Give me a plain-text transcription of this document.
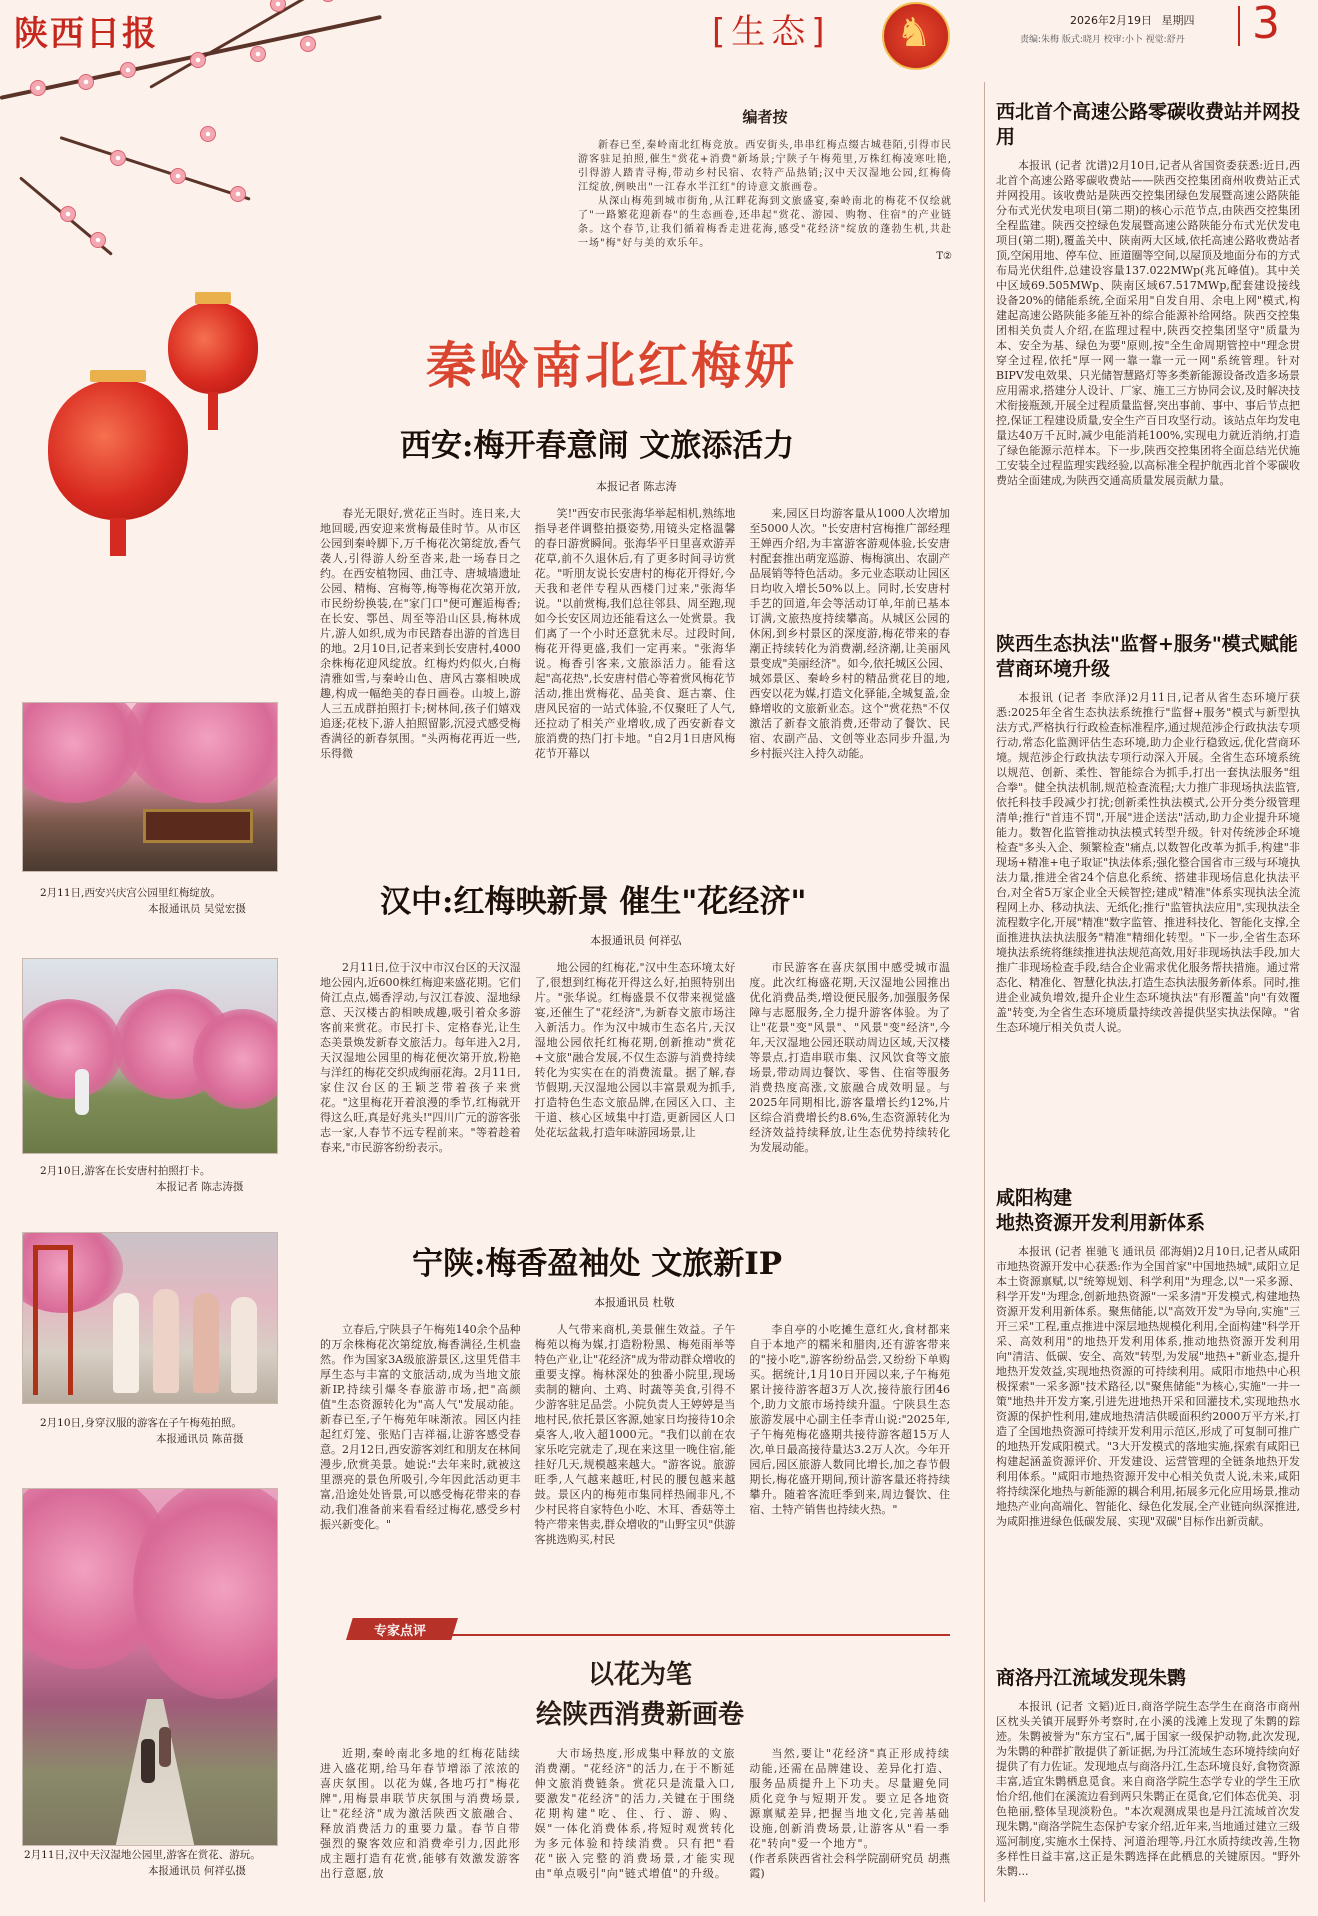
陕西日报	[生态] ♞	2026年2月19日 星期四
责编:朱梅 版式:晓月 校审:小卜 视觉:舒丹 3
编者按

新春已至,秦岭南北红梅竞放。西安街头,串串红梅点缀古城巷陌,引得市民游客驻足拍照,催生"赏花+消费"新场景;宁陕子午梅苑里,万株红梅凌寒吐艳,引得游人踏青寻梅,带动乡村民宿、农特产品热销;汉中天汉湿地公园,红梅倚江绽放,例映出"一江春水半江红"的诗意文旅画卷。

从深山梅苑到城市街角,从江畔花海到文旅盛宴,秦岭南北的梅花不仅绘就了"一路繁花迎新春"的生态画卷,还串起"赏花、游园、购物、住宿"的产业链条。这个春节,让我们循着梅香走进花海,感受"花经济"绽放的蓬勃生机,共赴一场"梅"好与美的欢乐年。

T②
秦岭南北红梅妍
西安:梅开春意闹 文旅添活力
本报记者 陈志涛

春光无限好,赏花正当时。连日来,大地回暖,西安迎来赏梅最佳时节。从市区公园到秦岭脚下,万千梅花次第绽放,香气袭人,引得游人纷至沓来,赴一场春日之约。在西安植物园、曲江寺、唐城墙遗址公园、精梅、宫梅等,梅等梅花次第开放,市民纷纷换装,在"家门口"便可邂逅梅香;在长安、鄠邑、周至等沿山区县,梅林成片,游人如织,成为市民踏春出游的首选目的地。2月10日,记者来到长安唐村,4000余株梅花迎风绽放。红梅灼灼似火,白梅清雅如雪,与秦岭山色、唐风古寨相映成趣,构成一幅绝美的春日画卷。山坡上,游人三五成群拍照打卡;树林间,孩子们嬉戏追逐;花枝下,游人拍照留影,沉浸式感受梅香满径的新春氛围。"头两梅花再近一些,乐得微

笑!"西安市民张海华举起相机,熟练地指导老伴调整拍摄姿势,用镜头定格温馨的春日游赏瞬间。张海华平日里喜欢游弄花草,前不久退休后,有了更多时间寻访赏花。"听朋友说长安唐村的梅花开得好,今天我和老伴专程从西楼门过来,"张海华说。"以前赏梅,我们总往邻县、周至跑,现如今长安区周边还能看这么一处赏景。我们离了一个小时还意犹未尽。过段时间,梅花开得更盛,我们一定再来。"张海华说。梅香引客来,文旅添活力。能看这起"高花热",长安唐村借心等着赏风梅花节活动,推出赏梅花、品美食、逛古寨、住唐风民宿的一站式体验,不仅聚旺了人气,还拉动了相关产业增收,成了西安新春文旅消费的热门打卡地。"自2月1日唐风梅花节开幕以

来,园区日均游客量从1000人次增加至5000人次。"长安唐村宫梅推广部经理王婵西介绍,为丰富游客游观体验,长安唐村配套推出萌宠巡游、梅梅演出、农副产品展销等特色活动。多元业态联动让园区日均收入增长50%以上。同时,长安唐村手艺的回道,年会等活动订单,年前已基本订满,文旅热度持续攀高。从城区公园的休闲,到乡村景区的深度游,梅花带来的春潮正持续转化为消费潮,经济潮,让美丽风景变成"美丽经济"。如今,依托城区公园、城郊景区、秦岭乡村的精品赏花目的地,西安以花为媒,打造文化驿能,全城复盖,金蜂增收的文旅新业态。这个"赏花热"不仅激活了新春文旅消费,还带动了餐饮、民宿、农副产品、文创等业态同步升温,为乡村振兴注入持久动能。

2月11日,西安兴庆宫公园里红梅绽放。
本报通讯员 吴觉宏摄	汉中:红梅映新景 催生"花经济"
本报通讯员 何祥弘

2月11日,位于汉中市汉台区的天汉湿地公园内,近600株红梅迎来盛花期。它们倚江点点,嫣香浮动,与汉江春波、湿地绿意、天汉楼古韵相映成趣,吸引着众多游客前来赏花。市民打卡、定格春光,让生态美景焕发新春文旅活力。每年进入2月,天汉湿地公园里的梅花便次第开放,粉艳与洋红的梅花交织成绚丽花海。2月11日,家住汉台区的王颖芝带着孩子来赏花。"这里梅花开着浪漫的季节,红梅就开得这么旺,真是好兆头!"四川广元的游客张志一家,人春节不远专程前来。"等着趁着春来,"市民游客纷纷表示。

地公园的红梅花,"汉中生态环境太好了,很想到红梅花开得这么好,拍照特别出片。"张华说。红梅盛景不仅带来视觉盛宴,还催生了"花经济",为新春文旅市场注入新活力。作为汉中城市生态名片,天汉湿地公园依托红梅花期,创新推动"赏花+文旅"融合发展,不仅生态游与消费持续转化为实实在在的消费流量。据了解,春节假期,天汉湿地公园以丰富景观为抓手,打造特色生态文旅品牌,在园区入口、主干道、核心区域集中打造,更新园区人口处花坛盆栽,打造年味游园场景,让

市民游客在喜庆氛围中感受城市温度。此次红梅盛花期,天汉湿地公园推出优化消费品类,增设便民服务,加强服务保障与志愿服务,全力提升游客体验。为了让"花景"变"风景"、"风景"变"经济",今年,天汉湿地公园还联动周边区域,天汉楼等景点,打造串联市集、汉风饮食等文旅场景,带动周边餐饮、零售、住宿等服务消费热度高涨,文旅融合成效明显。与2025年同期相比,游客量增长约12%,片区综合消费增长约8.6%,生态资源转化为经济效益持续释放,让生态优势持续转化为发展动能。

2月10日,游客在长安唐村拍照打卡。
本报记者 陈志涛摄
宁陕:梅香盈袖处 文旅新IP
本报通讯员 杜敬

立春后,宁陕县子午梅苑140余个品种的万余株梅花次第绽放,梅香满径,生机盎然。作为国家3A级旅游景区,这里凭借丰厚生态与丰富的文旅活动,成为当地文旅新IP,持续引爆冬春旅游市场,把"高颜值"生态资源转化为"高人气"发展动能。新春已至,子午梅苑年味渐浓。园区内挂起红灯笼、张贴门吉祥福,让游客感受春意。2月12日,西安游客刘红和朋友在林间漫步,欣赏美景。她说:"去年来时,就被这里漂亮的景色所吸引,今年因此活动更丰富,沿途处处皆景,可以感受梅花带来的春动,我们准备前来看看经过梅花,感受乡村振兴新变化。"

人气带来商机,美景催生效益。子午梅苑以梅为媒,打造粉粉黑、梅苑雨举等特色产业,让"花经济"成为带动群众增收的重要支撑。梅林深处的独番小院里,现场卖制的糖向、土鸡、时蔬等美食,引得不少游客驻足品尝。小院负责人王婷婷是当地村民,依托景区客源,她家日均接待10余桌客人,收入超1000元。"我们以前在农家乐吃完就走了,现在来这里一晚住宿,能挂好几天,规模越来越大。"游客说。旅游旺季,人气越来越旺,村民的腰包越来越鼓。景区内的梅苑市集同样热闹非凡,不少村民将自家特色小吃、木耳、香菇等土特产带来售卖,群众增收的"山野宝贝"供游客挑选购买,村民

李自亭的小吃摊生意红火,食材都来自于本地产的糯米和腊肉,还有游客带来的"接小吃",游客纷纷品尝,又纷纷下单购买。据统计,1月10日开园以来,子午梅苑累计接待游客超3万人次,接待旅行团46个,助力文旅市场持续升温。宁陕县生态旅游发展中心副主任李青山说:"2025年,子午梅苑梅花盛期共接待游客超15万人次,单日最高接待量达3.2万人次。今年开园后,园区旅游人数同比增长,加之春节假期长,梅花盛开期间,预计游客量还将持续攀升。随着客流旺季到来,周边餐饮、住宿、土特产销售也持续火热。"

2月10日,身穿汉服的游客在子午梅苑拍照。
本报通讯员 陈苗摄
2月11日,汉中天汉湿地公园里,游客在赏花、游玩。
本报通讯员 何祥弘摄
专家点评
以花为笔
绘陕西消费新画卷

近期,秦岭南北多地的红梅花陆续进入盛花期,给马年春节增添了浓浓的喜庆氛围。以花为媒,各地巧打"梅花牌",用梅景串联节庆氛围与消费场景,让"花经济"成为激活陕西文旅融合、释放消费活力的重要力量。春节自带强烈的聚客效应和消费牵引力,因此形成主题打造有花赏,能够有效激发游客出行意愿,放

大市场热度,形成集中释放的文旅消费潮。"花经济"的活力,在于不断延伸文旅消费链条。赏花只是流量入口,要激发"花经济"的活力,关键在于围绕花期构建"吃、住、行、游、购、娱"一体化消费体系,将短时观赏转化为多元体验和持续消费。只有把"看花"嵌入完整的消费场景,才能实现由"单点吸引"向"链式增值"的升级。

当然,要让"花经济"真正形成持续动能,还需在品牌建设、差异化打造、服务品质提升上下功夫。尽量避免同质化竞争与短期开发。要立足各地资源禀赋差异,把握当地文化,完善基础设施,创新消费场景,让游客从"看一季花"转向"爱一个地方"。

(作者系陕西省社会科学院副研究员 胡燕霞)

西北首个高速公路零碳收费站并网投用

本报讯 (记者 沈谱)2月10日,记者从省国资委获悉:近日,西北首个高速公路零碳收费站——陕西交控集团商州收费站正式并网投用。该收费站是陕西交控集团绿色发展暨高速公路陕能分布式光伏发电项目(第二期)的核心示范节点,由陕西交控集团全程监建。陕西交控绿色发展暨高速公路陕能分布式光伏发电项目(第二期),覆盖关中、陕南两大区域,依托高速公路收费站者顶,空闲用地、停车位、匝道圈等空间,以屋顶及地面分布的方式布局光伏组件,总建设容量137.022MWp(兆瓦峰值)。其中关中区域69.505MWp、陕南区域67.517MWp,配套建设接线设备20%的储能系统,全面采用"自发自用、余电上网"模式,构建起高速公路陕能多能互补的综合能源补给网络。陕西交控集团相关负责人介绍,在监理过程中,陕西交控集团坚守"质量为本、安全为基、绿色为要"原则,按"全生命周期管控中"理念贯穿全过程,依托"厚一网一靠一靠一元一网"系统管理。针对BIPV发电效果、只光储智慧路灯等多类新能源设备改造多场景应用需求,搭建分人设计、厂家、施工三方协同会议,及时解决技术衔接瓶颈,开展全过程质量监督,突出事前、事中、事后节点把控,保证工程建设质量,安全生产百日攻坚行动。该站点年均发电量达40万千瓦时,减少电能消耗100%,实现电力就近消纳,打造了绿色能源示范样本。下一步,陕西交控集团将全面总结光伏施工安装全过程监理实践经验,以高标准全程护航西北首个零碳收费站全面建成,为陕西交通高质量发展贡献力量。

陕西生态执法"监督+服务"模式赋能营商环境升级

本报讯 (记者 李欣泽)2月11日,记者从省生态环境厅获悉:2025年全省生态执法系统推行"监督+服务"模式与新型执法方式,严格执行行政检查标准程序,通过规范涉企行政执法专项行动,常态化监测评估生态环境,助力企业行稳致远,优化营商环境。规范涉企行政执法专项行动深入开展。全省生态环境系统以规范、创新、柔性、智能综合为抓手,打出一套执法服务"组合拳"。健全执法机制,规范检查流程;大力推广非现场执法监管,依托科技手段减少打扰;创新柔性执法模式,公开分类分级管理清单;推行"首违不罚",开展"进企送法"活动,助力企业提升环境能力。数智化监管推动执法模式转型升级。针对传统涉企环境检查"多头入企、频繁检查"痛点,以数智化改革为抓手,构建"非现场+精准+电子取证"执法体系;强化整合国省市三级与环境执法力量,推进全省24个信息化系统、搭建非现场信息化执法平台,对全省5万家企业全天候智控;建成"精准"体系实现执法全流程网上办、移动执法、无纸化;推行"监管执法应用",实现执法全流程数字化,开展"精准"数字监管、推进科技化、智能化支撑,全面推进执法执法服务"精准"精细化转型。"下一步,全省生态环境执法系统将继续推进执法规范高效,用好非现场执法手段,加大推广非现场检查手段,结合企业需求优化服务帮扶措施。通过常态化、精准化、智慧化执法,打造生态执法服务新体系。同时,推进企业减负增效,提升企业生态环境执法"有形覆盖"向"有效覆盖"转变,为全省生态环境质量持续改善提供坚实执法保障。"省生态环境厅相关负责人说。

咸阳构建
地热资源开发利用新体系

本报讯 (记者 崔驰飞 通讯员 邵海娟)2月10日,记者从咸阳市地热资源开发中心获悉:作为全国首家"中国地热城",咸阳立足本土资源禀赋,以"统筹规划、科学利用"为理念,以"一采多源、科学开发"为理念,创新地热资源"一采多清"开发模式,构建地热资源开发利用新体系。聚焦储能,以"高效开发"为导向,实施"三开三采"工程,重点推进中深层地热规模化利用,全面构建"科学开采、高效利用"的地热开发利用体系,推动地热资源开发利用向"清洁、低碳、安全、高效"转型,为发展"地热+"新业态,提升地热开发效益,实现地热资源的可持续利用。咸阳市地热中心积极探索"一采多源"技术路径,以"聚焦储能"为核心,实施"一井一策"地热井开发方案,引进先进地热开采和回灌技术,实现地热水资源的保护性利用,建成地热清洁供暖面积约2000万平方米,打造了全国地热资源可持续开发利用示范区,形成了可复制可推广的地热开发咸阳模式。"3大开发模式的落地实施,探索有咸阳已构建起涵盖资源评价、开发建设、运营管理的全链条地热开发利用体系。"咸阳市地热资源开发中心相关负责人说,未来,咸阳将持续深化地热与新能源的耦合利用,拓展多元化应用场景,推动地热产业向高端化、智能化、绿色化发展,全产业链向纵深推进,为咸阳推进绿色低碳发展、实现"双碳"目标作出新贡献。

商洛丹江流域发现朱鹮

本报讯 (记者 文韬)近日,商洛学院生态学生在商洛市商州区枕头关镇开展野外考察时,在小溪的浅滩上发现了朱鹮的踪迹。朱鹮被誉为"东方宝石",属于国家一级保护动物,此次发现,为朱鹮的种群扩散提供了新证据,为丹江流域生态环境持续向好提供了有力佐证。发现地点与商洛丹江,生态环境良好,食物资源丰富,适宜朱鹮栖息觅食。来自商洛学院生态学专业的学生王欣怡介绍,他们在溪流边看到两只朱鹮正在觅食,它们体态优美、羽色艳丽,整体呈现淡粉色。"本次观测成果也是丹江流域首次发现朱鹮,"商洛学院生态保护专家介绍,近年来,当地通过建立三级巡河制度,实施水土保持、河道治理等,丹江水质持续改善,生物多样性日益丰富,这正是朱鹮选择在此栖息的关键原因。"野外朱鹮...
